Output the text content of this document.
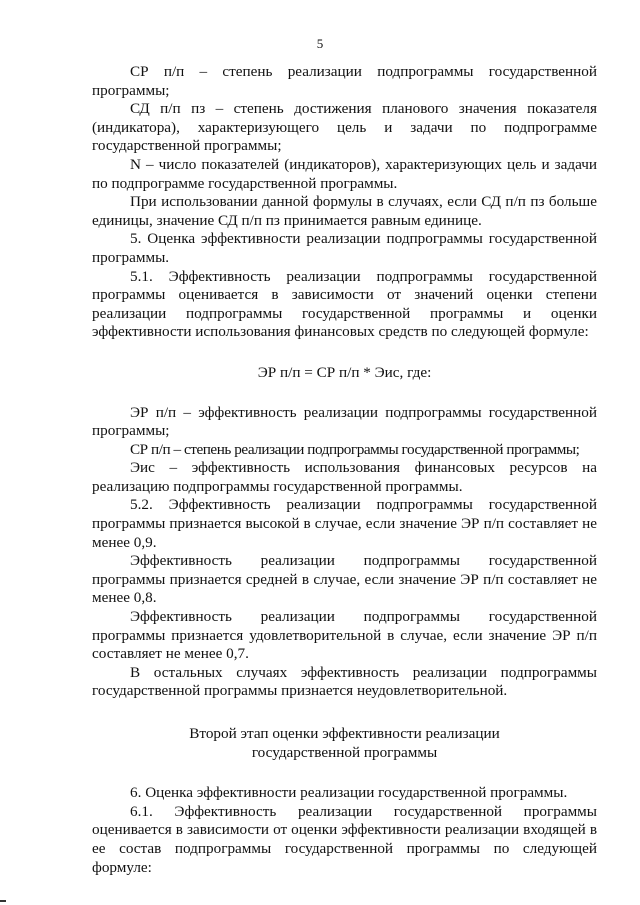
5

СР п/п – степень реализации подпрограммы государственной программы;

СД п/п пз – степень достижения планового значения показателя (индикатора), характеризующего цель и задачи по подпрограмме государственной программы;

N – число показателей (индикаторов), характеризующих цель и задачи по подпрограмме государственной программы.

При использовании данной формулы в случаях, если СД п/п пз больше единицы, значение СД п/п пз принимается равным единице.

5. Оценка эффективности реализации подпрограммы государственной программы.

5.1. Эффективность реализации подпрограммы государственной программы оценивается в зависимости от значений оценки степени реализации подпрограммы государственной программы и оценки эффективности использования финансовых средств по следующей формуле:

ЭР п/п = СР п/п * Эис, где:

ЭР п/п – эффективность реализации подпрограммы государственной программы;

СР п/п – степень реализации подпрограммы государственной программы;

Эис – эффективность использования финансовых ресурсов на реализацию подпрограммы государственной программы.

5.2. Эффективность реализации подпрограммы государственной программы признается высокой в случае, если значение ЭР п/п составляет не менее 0,9.

Эффективность реализации подпрограммы государственной программы признается средней в случае, если значение ЭР п/п составляет не менее 0,8.

Эффективность реализации подпрограммы государственной программы признается удовлетворительной в случае, если значение ЭР п/п составляет не менее 0,7.

В остальных случаях эффективность реализации подпрограммы государственной программы признается неудовлетворительной.

Второй этап оценки эффективности реализации
государственной программы

6. Оценка эффективности реализации государственной программы.

6.1. Эффективность реализации государственной программы оценивается в зависимости от оценки эффективности реализации входящей в ее состав подпрограммы государственной программы по следующей формуле:
